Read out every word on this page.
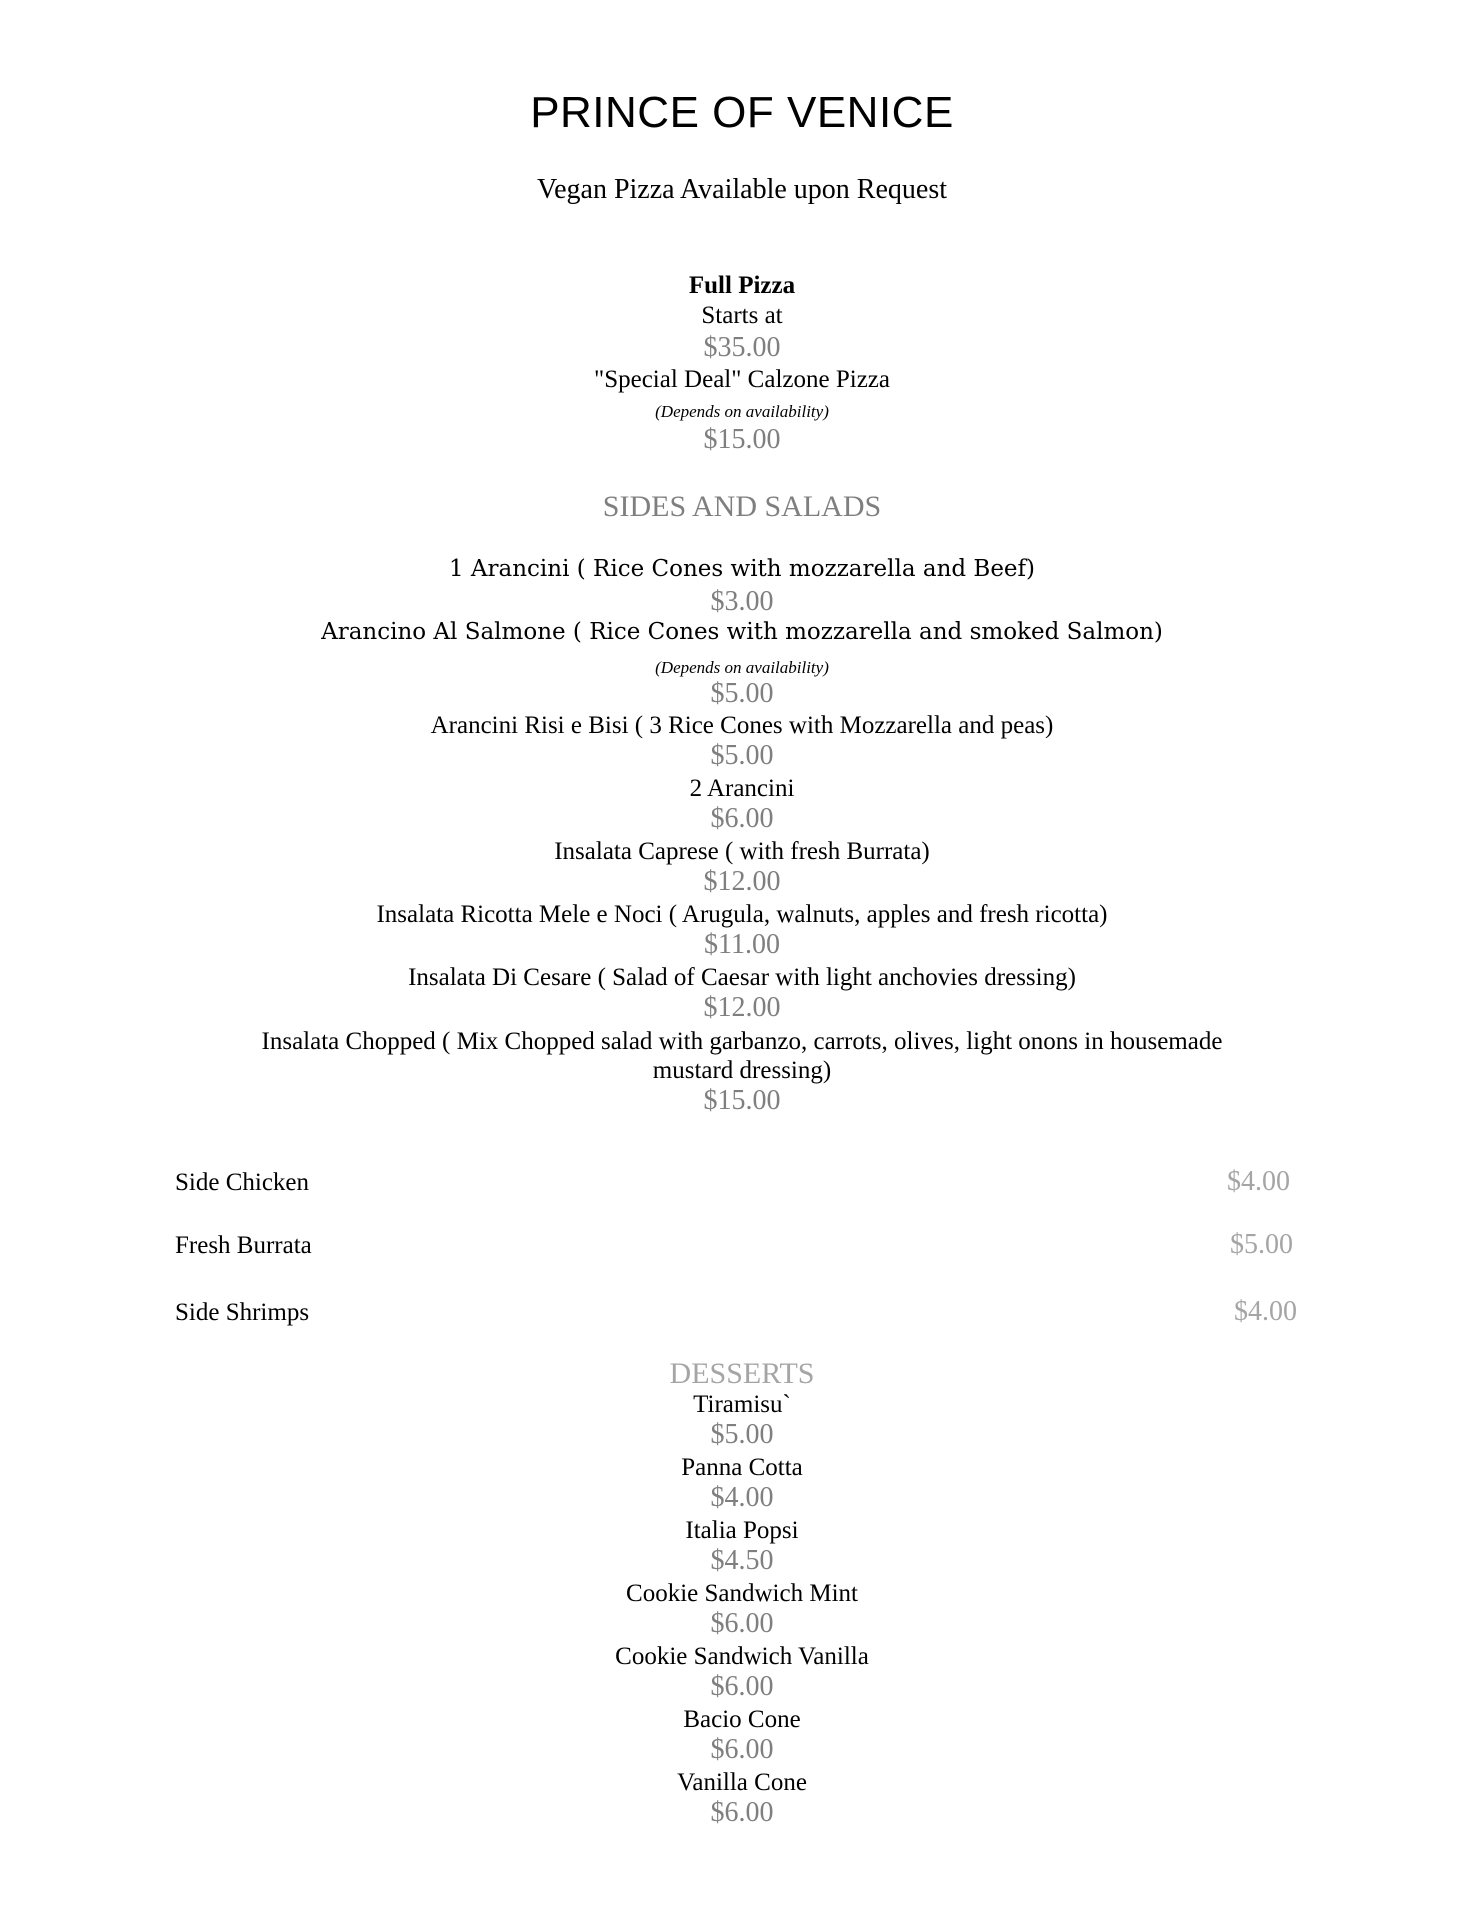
PRINCE OF VENICE
Vegan Pizza Available upon Request
Full Pizza
Starts at
$35.00
"Special Deal" Calzone Pizza
(Depends on availability)
$15.00
SIDES AND SALADS
1 Arancini ( Rice Cones with mozzarella and Beef)
$3.00
Arancino Al Salmone ( Rice Cones with mozzarella and smoked Salmon)
(Depends on availability)
$5.00
Arancini Risi e Bisi ( 3 Rice Cones with Mozzarella and peas)
$5.00
2 Arancini
$6.00
Insalata Caprese ( with fresh Burrata)
$12.00
Insalata Ricotta Mele e Noci ( Arugula, walnuts, apples and fresh ricotta)
$11.00
Insalata Di Cesare ( Salad of Caesar with light anchovies dressing)
$12.00
Insalata Chopped ( Mix Chopped salad with garbanzo, carrots, olives, light onons in housemade
mustard dressing)
$15.00
Side Chicken	$4.00
Fresh Burrata	$5.00
Side Shrimps	$4.00
DESSERTS
Tiramisu`
$5.00
Panna Cotta
$4.00
Italia Popsi
$4.50
Cookie Sandwich Mint
$6.00
Cookie Sandwich Vanilla
$6.00
Bacio Cone
$6.00
Vanilla Cone
$6.00
